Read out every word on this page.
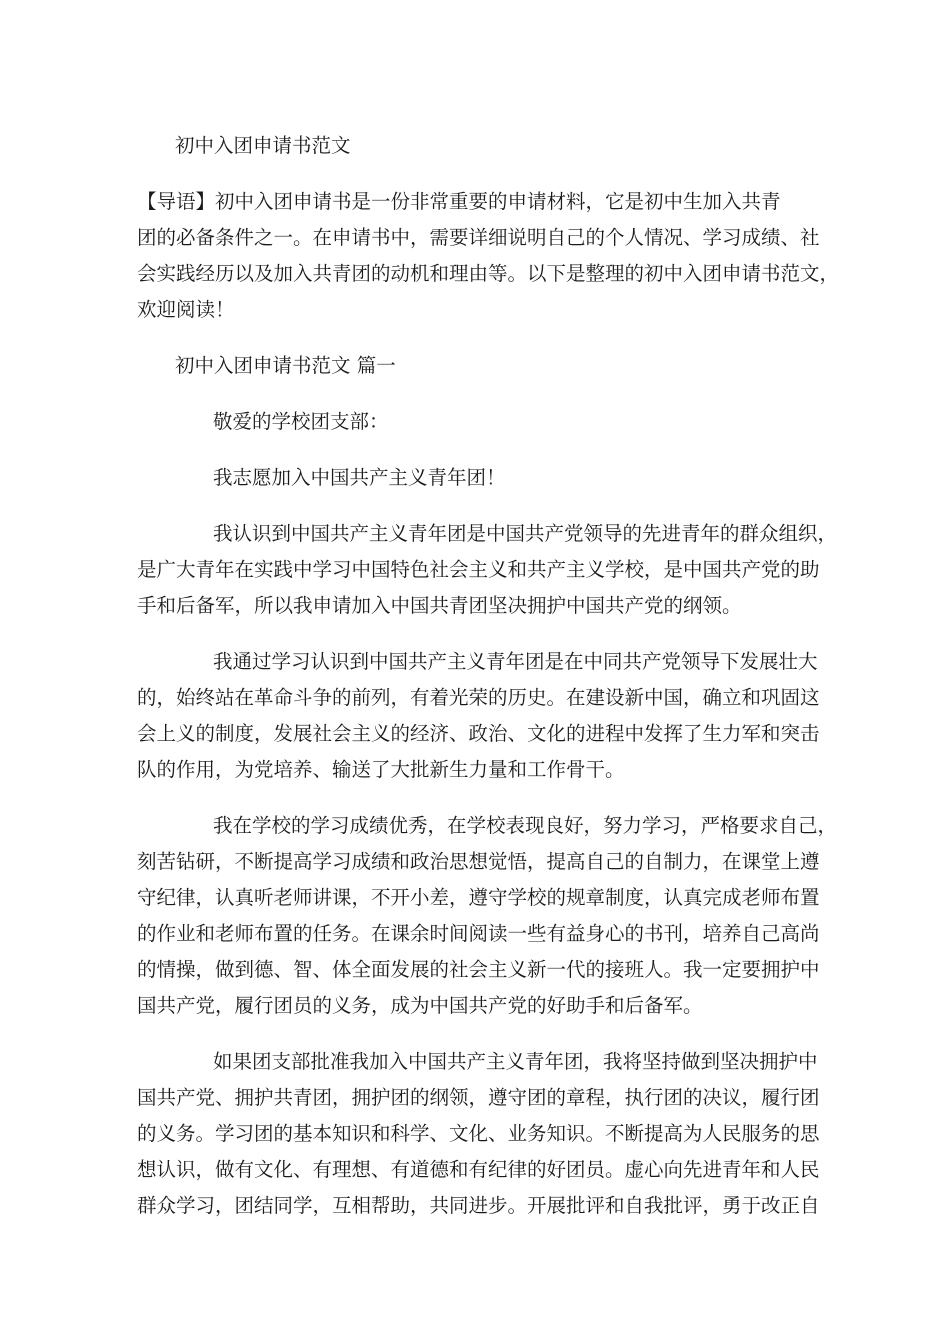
初中入团申请书范文

【导语】初中入团申请书是一份非常重要的申请材料，它是初中生加入共青
团的必备条件之一。在申请书中，需要详细说明自己的个人情况、学习成绩、社
会实践经历以及加入共青团的动机和理由等。以下是整理的初中入团申请书范文，
欢迎阅读！

初中入团申请书范文 篇一
敬爱的学校团支部：
我志愿加入中国共产主义青年团！

我认识到中国共产主义青年团是中国共产党领导的先进青年的群众组织，
是广大青年在实践中学习中国特色社会主义和共产主义学校，是中国共产党的助
手和后备军，所以我申请加入中国共青团坚决拥护中国共产党的纲领。

我通过学习认识到中国共产主义青年团是在中同共产党领导下发展壮大
的，始终站在革命斗争的前列，有着光荣的历史。在建设新中国，确立和巩固这
会上义的制度，发展社会主义的经济、政治、文化的进程中发挥了生力军和突击
队的作用，为党培养、输送了大批新生力量和工作骨干。

我在学校的学习成绩优秀，在学校表现良好，努力学习，严格要求自己，
刻苦钻研，不断提高学习成绩和政治思想觉悟，提高自己的自制力，在课堂上遵
守纪律，认真听老师讲课，不开小差，遵守学校的规章制度，认真完成老师布置
的作业和老师布置的任务。在课余时间阅读一些有益身心的书刊，培养自己高尚
的情操，做到德、智、体全面发展的社会主义新一代的接班人。我一定要拥护中
国共产党，履行团员的义务，成为中国共产党的好助手和后备军。

如果团支部批准我加入中国共产主义青年团，我将坚持做到坚决拥护中
国共产党、拥护共青团，拥护团的纲领，遵守团的章程，执行团的决议，履行团
的义务。学习团的基本知识和科学、文化、业务知识。不断提高为人民服务的思
想认识，做有文化、有理想、有道德和有纪律的好团员。虚心向先进青年和人民
群众学习，团结同学，互相帮助，共同进步。开展批评和自我批评，勇于改正自
